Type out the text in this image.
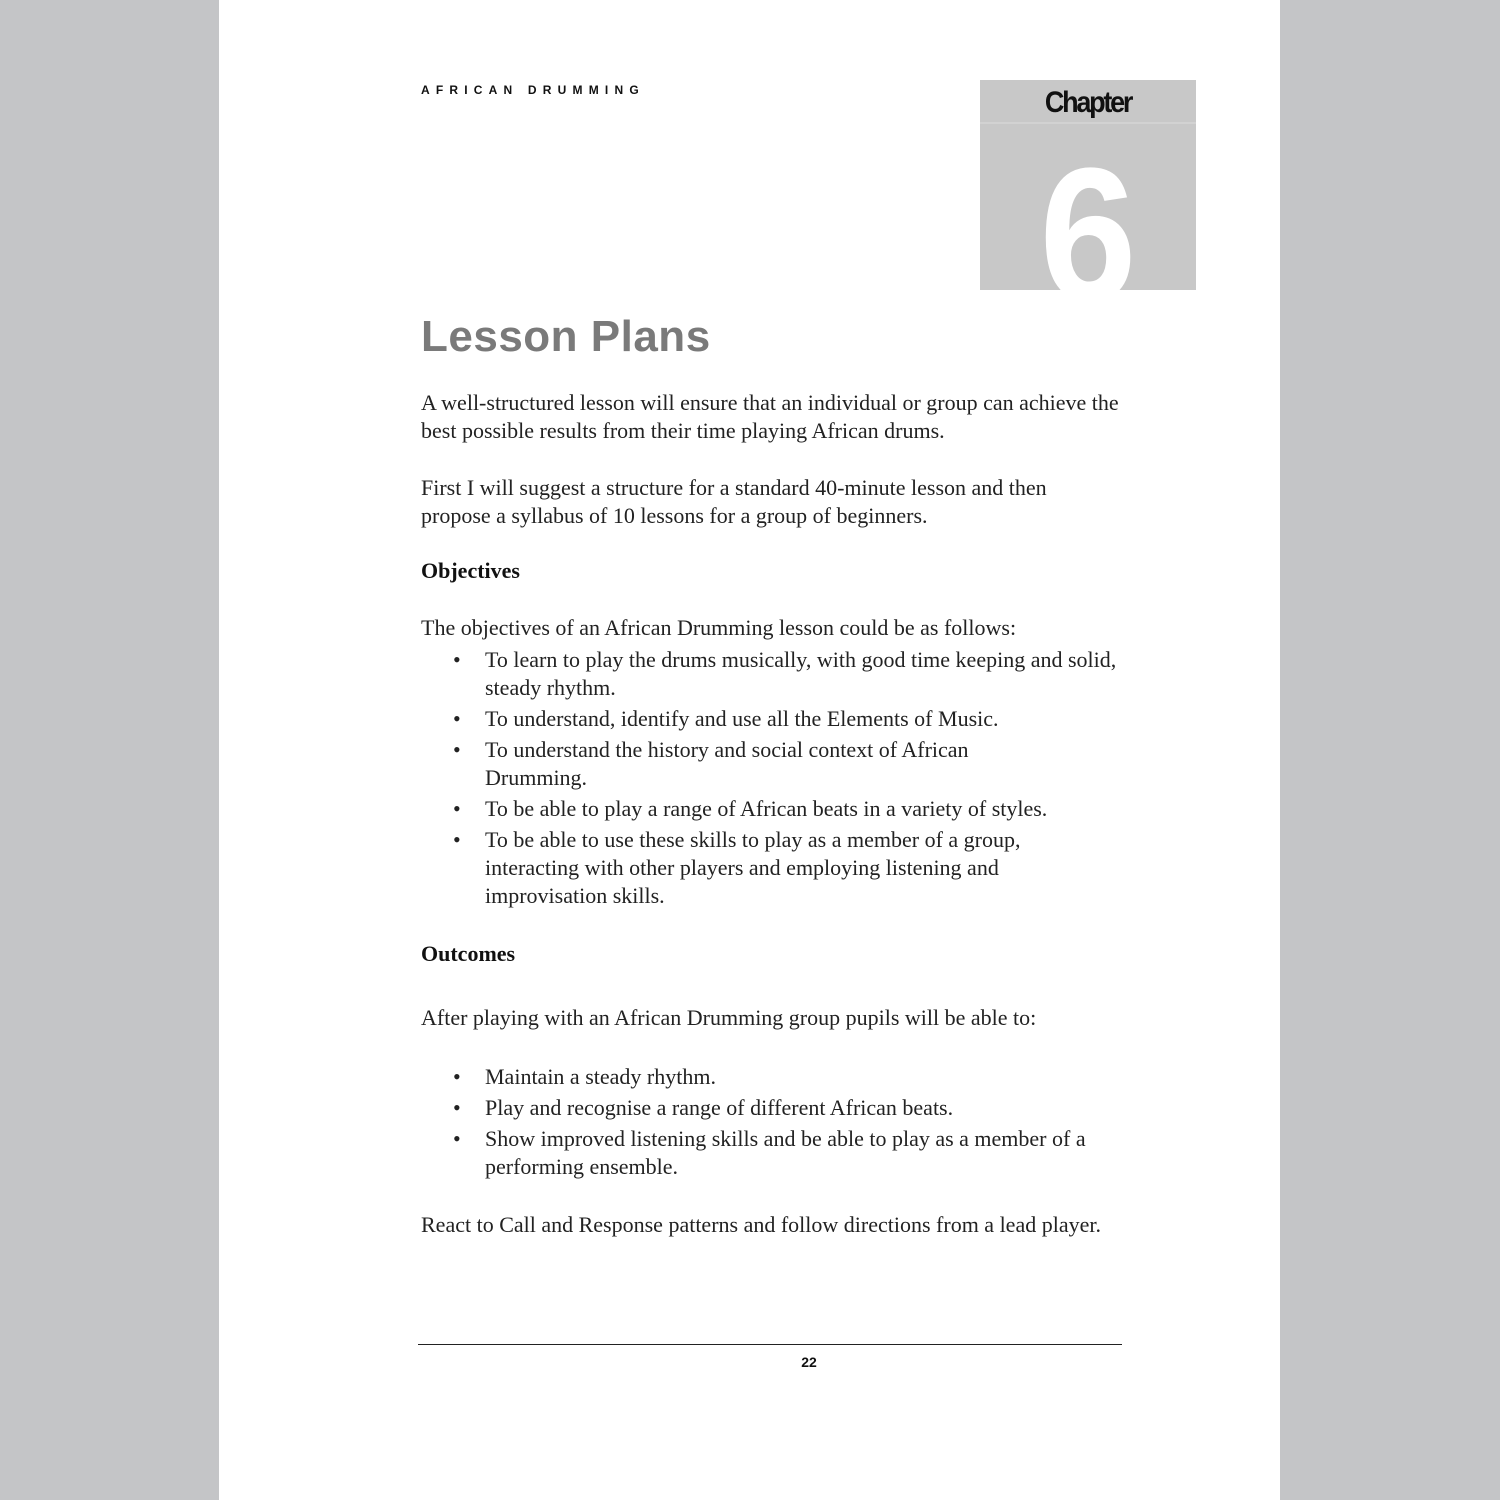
AFRICAN DRUMMING	Chapter
6
Lesson Plans
A well-structured lesson will ensure that an individual or group can achieve the best possible results from their time playing African drums.
First I will suggest a structure for a standard 40-minute lesson and then propose a syllabus of 10 lessons for a group of beginners.
Objectives
The objectives of an African Drumming lesson could be as follows:
• To learn to play the drums musically, with good time keeping and solid, steady rhythm.
• To understand, identify and use all the Elements of Music.
• To understand the history and social context of African Drumming.
• To be able to play a range of African beats in a variety of styles.
• To be able to use these skills to play as a member of a group, interacting with other players and employing listening and improvisation skills.
Outcomes
After playing with an African Drumming group pupils will be able to:
• Maintain a steady rhythm.
• Play and recognise a range of different African beats.
• Show improved listening skills and be able to play as a member of a performing ensemble.
React to Call and Response patterns and follow directions from a lead player.
22
